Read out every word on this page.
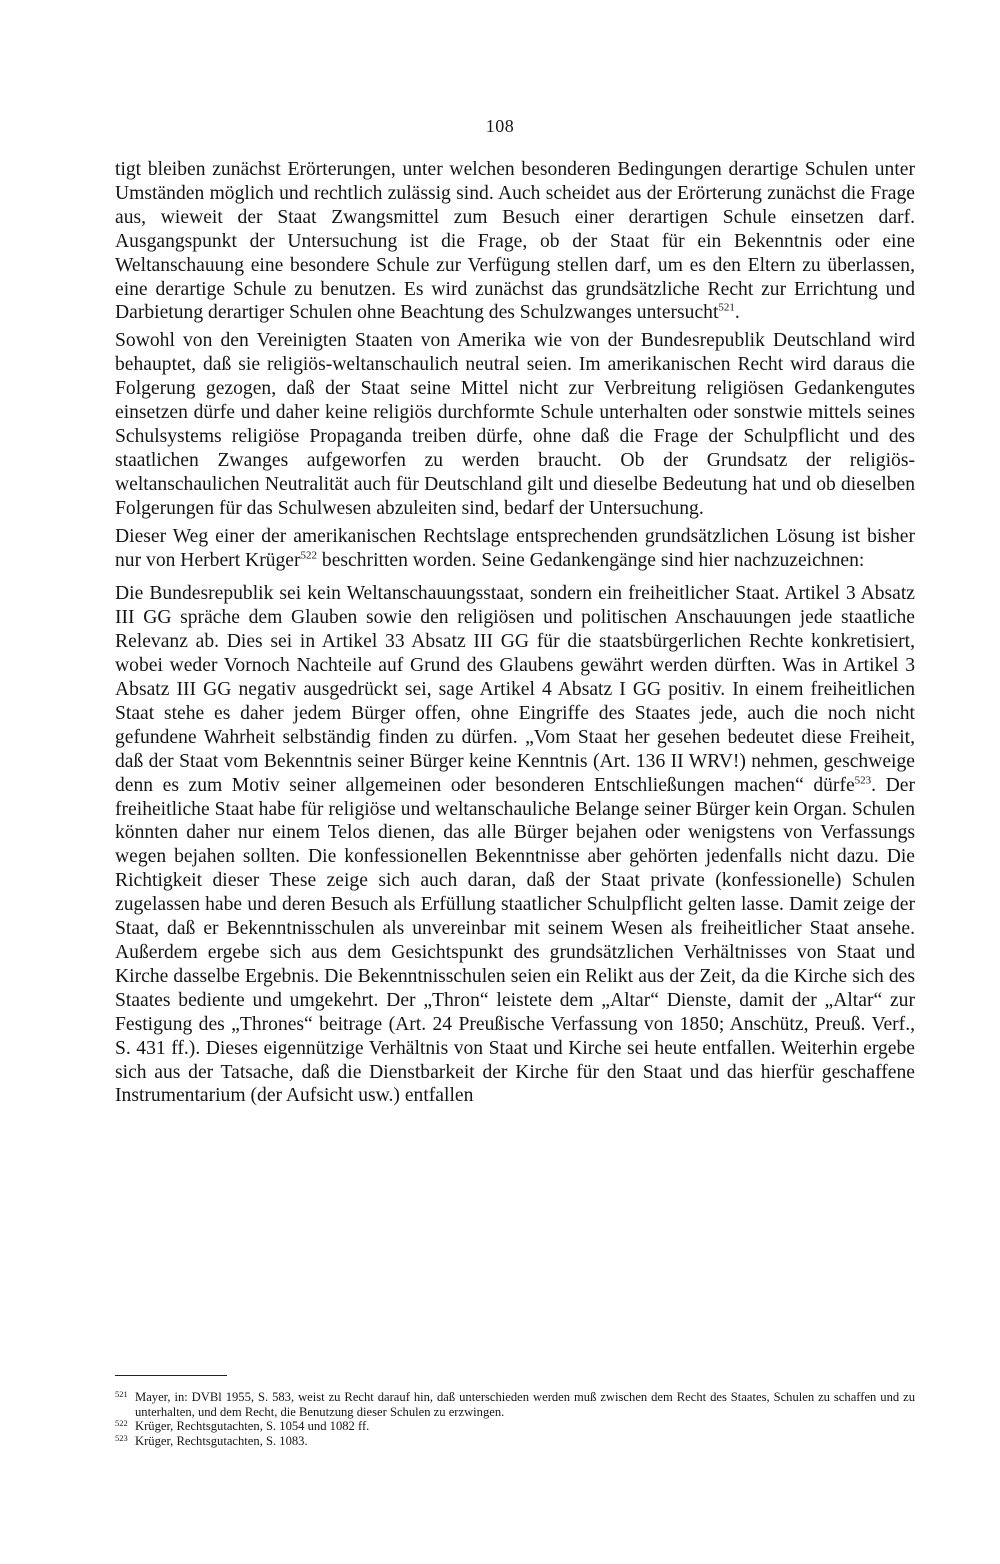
108

tigt bleiben zunächst Erörterungen, unter welchen besonderen Bedingungen derartige Schulen unter Umständen möglich und rechtlich zulässig sind. Auch scheidet aus der Erörterung zunächst die Frage aus, wieweit der Staat Zwangsmittel zum Besuch einer derartigen Schule einsetzen darf. Ausgangspunkt der Untersuchung ist die Frage, ob der Staat für ein Bekenntnis oder eine Weltanschauung eine besondere Schule zur Verfügung stellen darf, um es den Eltern zu überlassen, eine derartige Schule zu benutzen. Es wird zunächst das grundsätzliche Recht zur Errichtung und Darbietung derartiger Schulen ohne Beachtung des Schulzwanges untersucht$^{521}$.

Sowohl von den Vereinigten Staaten von Amerika wie von der Bundesrepublik Deutschland wird behauptet, daß sie religiös-weltanschaulich neutral seien. Im amerikanischen Recht wird daraus die Folgerung gezogen, daß der Staat seine Mittel nicht zur Verbreitung religiösen Gedankengutes einsetzen dürfe und daher keine religiös durchformte Schule unterhalten oder sonstwie mittels seines Schulsystems religiöse Propaganda treiben dürfe, ohne daß die Frage der Schulpflicht und des staatlichen Zwanges aufgeworfen zu werden braucht. Ob der Grundsatz der religiös-weltanschaulichen Neutralität auch für Deutschland gilt und dieselbe Bedeutung hat und ob dieselben Folgerungen für das Schulwesen abzuleiten sind, bedarf der Untersuchung.

Dieser Weg einer der amerikanischen Rechtslage entsprechenden grundsätzlichen Lösung ist bisher nur von Herbert Krüger$^{522}$ beschritten worden. Seine Gedankengänge sind hier nachzuzeichnen:

Die Bundesrepublik sei kein Weltanschauungsstaat, sondern ein freiheitlicher Staat. Artikel 3 Absatz III GG spräche dem Glauben sowie den religiösen und politischen Anschauungen jede staatliche Relevanz ab. Dies sei in Artikel 33 Absatz III GG für die staatsbürgerlichen Rechte konkretisiert, wobei weder Vornoch Nachteile auf Grund des Glaubens gewährt werden dürften. Was in Artikel 3 Absatz III GG negativ ausgedrückt sei, sage Artikel 4 Absatz I GG positiv. In einem freiheitlichen Staat stehe es daher jedem Bürger offen, ohne Eingriffe des Staates jede, auch die noch nicht gefundene Wahrheit selbständig finden zu dürfen. „Vom Staat her gesehen bedeutet diese Freiheit, daß der Staat vom Bekenntnis seiner Bürger keine Kenntnis (Art. 136 II WRV!) nehmen, geschweige denn es zum Motiv seiner allgemeinen oder besonderen Entschließungen machen“ dürfe$^{523}$. Der freiheitliche Staat habe für religiöse und weltanschauliche Belange seiner Bürger kein Organ. Schulen könnten daher nur einem Telos dienen, das alle Bürger bejahen oder wenigstens von Verfassungs wegen bejahen sollten. Die konfessionellen Bekenntnisse aber gehörten jedenfalls nicht dazu. Die Richtigkeit dieser These zeige sich auch daran, daß der Staat private (konfessionelle) Schulen zugelassen habe und deren Besuch als Erfüllung staatlicher Schulpflicht gelten lasse. Damit zeige der Staat, daß er Bekenntnisschulen als unvereinbar mit seinem Wesen als freiheitlicher Staat ansehe. Außerdem ergebe sich aus dem Gesichtspunkt des grundsätzlichen Verhältnisses von Staat und Kirche dasselbe Ergebnis. Die Bekenntnisschulen seien ein Relikt aus der Zeit, da die Kirche sich des Staates bediente und umgekehrt. Der „Thron“ leistete dem „Altar“ Dienste, damit der „Altar“ zur Festigung des „Thrones“ beitrage (Art. 24 Preußische Verfassung von 1850; Anschütz, Preuß. Verf., S. 431 ff.). Dieses eigennützige Verhältnis von Staat und Kirche sei heute entfallen. Weiterhin ergebe sich aus der Tatsache, daß die Dienstbarkeit der Kirche für den Staat und das hierfür geschaffene Instrumentarium (der Aufsicht usw.) entfallen

521 Mayer, in: DVBl 1955, S. 583, weist zu Recht darauf hin, daß unterschieden werden muß zwischen dem Recht des Staates, Schulen zu schaffen und zu unterhalten, und dem Recht, die Benutzung dieser Schulen zu erzwingen.
522 Krüger, Rechtsgutachten, S. 1054 und 1082 ff.
523 Krüger, Rechtsgutachten, S. 1083.
